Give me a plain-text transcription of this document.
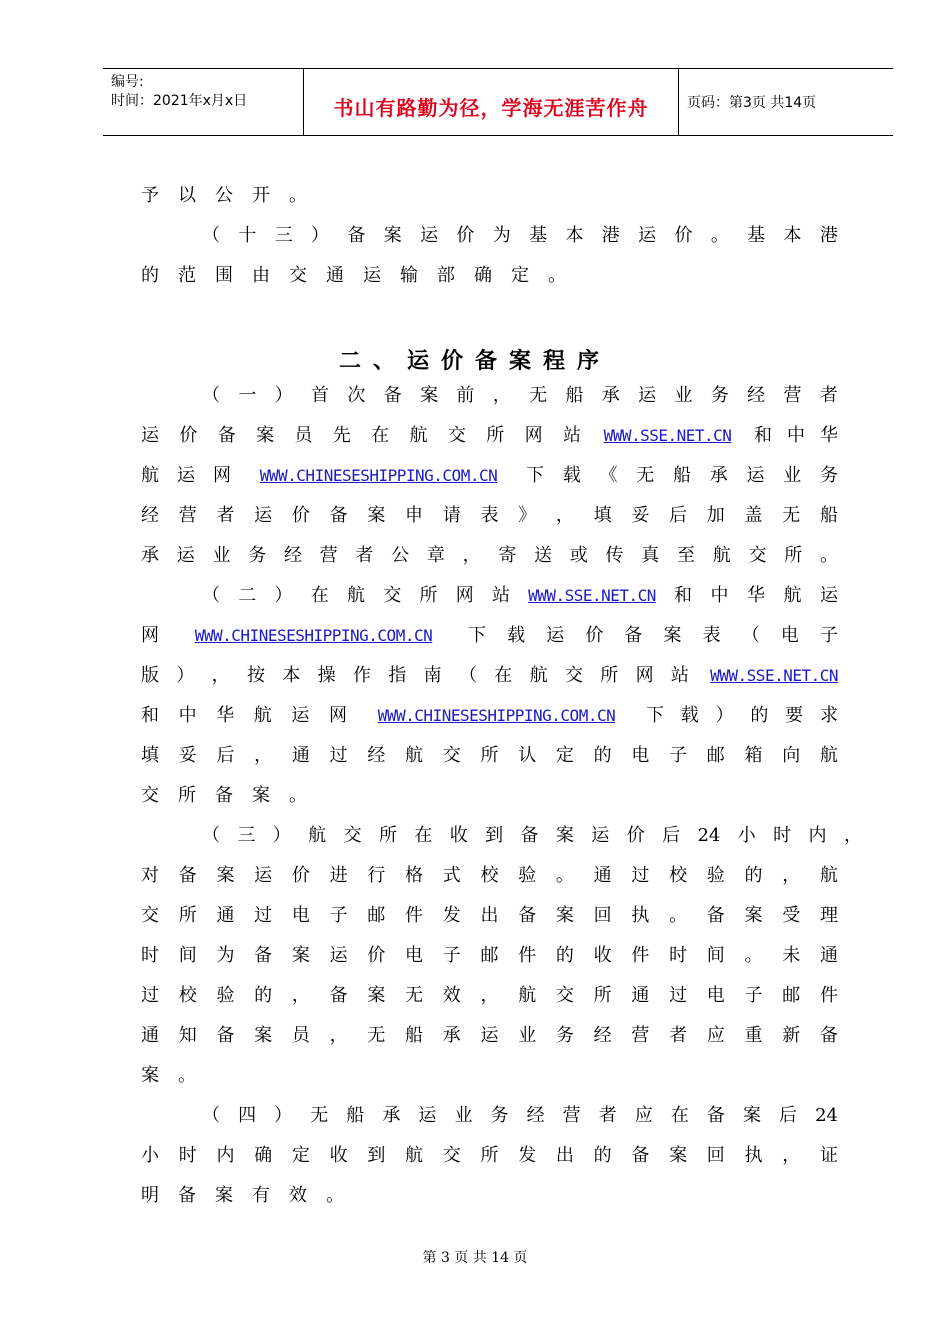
编号:
时间：2021年x月x日	书山有路勤为径，学海无涯苦作舟	页码：第3页 共14页
予 以 公 开 。
（ 十 三 ） 备 案 运 价 为 基 本 港 运 价 。 基 本 港
的 范 围 由 交 通 运 输 部 确 定 。
二、运价备案程序
（ 一 ） 首 次 备 案 前 ， 无 船 承 运 业 务 经 营 者
运 价 备 案 员 先 在 航 交 所 网 站 WWW.SSE.NET.CN 和 中 华
航 运 网 WWW.CHINESESHIPPING.COM.CN 下 载 《 无 船 承 运 业 务
经 营 者 运 价 备 案 申 请 表 》 ， 填 妥 后 加 盖 无 船
承 运 业 务 经 营 者 公 章 ， 寄 送 或 传 真 至 航 交 所 。
（ 二 ） 在 航 交 所 网 站 WWW.SSE.NET.CN 和 中 华 航 运
网 WWW.CHINESESHIPPING.COM.CN 下 载 运 价 备 案 表 （ 电 子
版 ） ， 按 本 操 作 指 南 （ 在 航 交 所 网 站 WWW.SSE.NET.CN
和 中 华 航 运 网 WWW.CHINESESHIPPING.COM.CN 下 载 ） 的 要 求
填 妥 后 ， 通 过 经 航 交 所 认 定 的 电 子 邮 箱 向 航
交 所 备 案 。
（ 三 ） 航 交 所 在 收 到 备 案 运 价 后 24 小 时 内 ，
对 备 案 运 价 进 行 格 式 校 验 。 通 过 校 验 的 ， 航
交 所 通 过 电 子 邮 件 发 出 备 案 回 执 。 备 案 受 理
时 间 为 备 案 运 价 电 子 邮 件 的 收 件 时 间 。 未 通
过 校 验 的 ， 备 案 无 效 ， 航 交 所 通 过 电 子 邮 件
通 知 备 案 员 ， 无 船 承 运 业 务 经 营 者 应 重 新 备
案 。
（ 四 ） 无 船 承 运 业 务 经 营 者 应 在 备 案 后 24
小 时 内 确 定 收 到 航 交 所 发 出 的 备 案 回 执 ， 证
明 备 案 有 效 。
第 3 页 共 14 页
